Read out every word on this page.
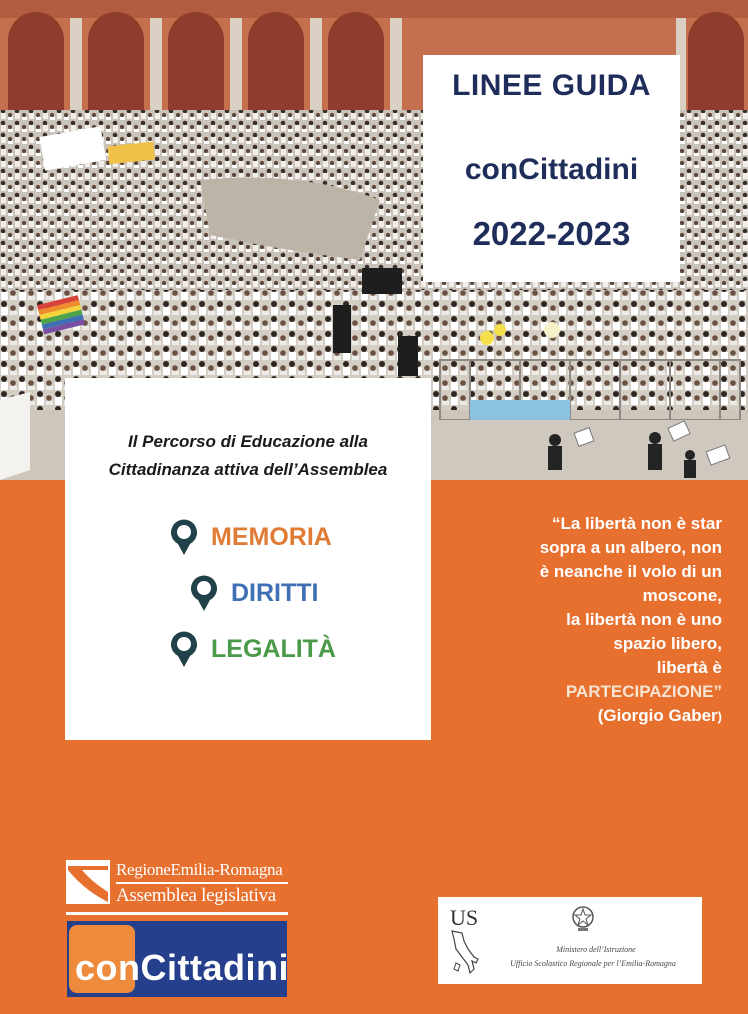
LINEE GUIDA
conCittadini
2022-2023
Il Percorso di Educazione alla
Cittadinanza attiva dell’Assemblea
MEMORIA
DIRITTI
LEGALITÀ
“La libertà non è star
sopra a un albero, non
è neanche il volo di un
moscone,
la libertà non è uno
spazio libero,
libertà è
PARTECIPAZIONE”
(Giorgio Gaber)
RegioneEmilia-Romagna
Assemblea legislativa
conCittadini
US
Ministero dell’Istruzione
Ufficio Scolastico Regionale per l’Emilia-Romagna
